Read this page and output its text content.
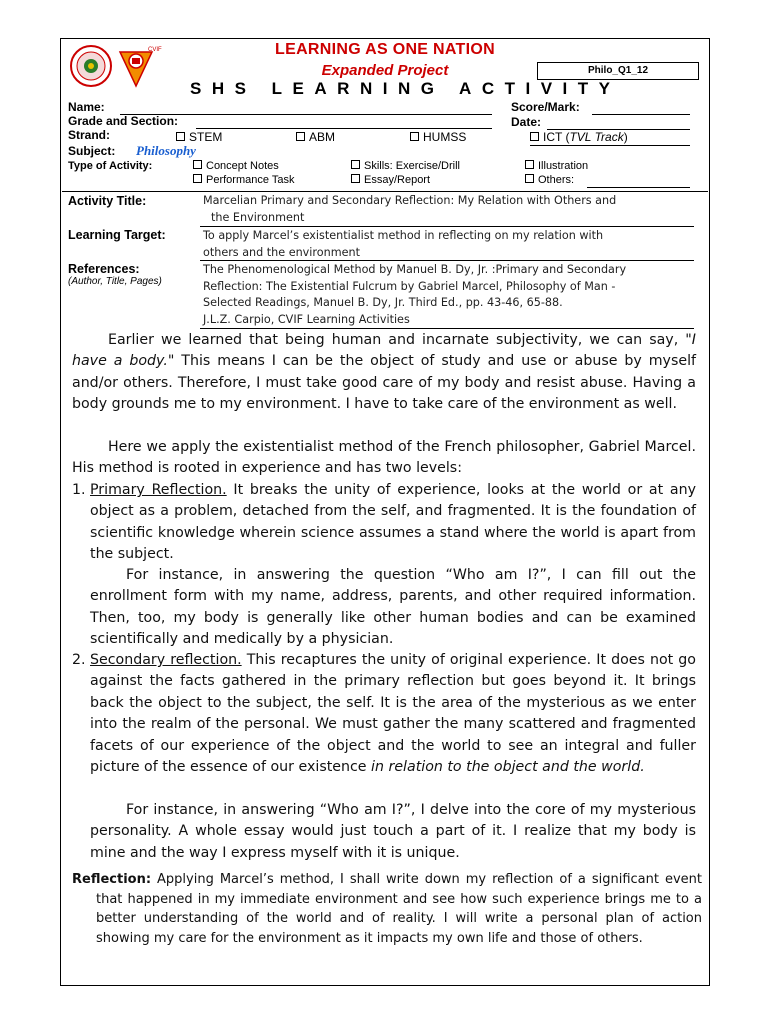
CVIF	LEARNING AS ONE NATION
Expanded Project	Philo_Q1_12
SHS LEARNING ACTIVITY
Name:	Score/Mark:
Grade and Section:	Date:
Strand:	STEM	ABM	HUMSS	ICT (TVL Track)
Subject: Philosophy
Type of Activity:	Concept Notes	Skills: Exercise/Drill	Illustration
Performance Task	Essay/Report	Others:
Activity Title:	Marcelian Primary and Secondary Reflection: My Relation with Others and
the Environment
Learning Target:	To apply Marcel’s existentialist method in reflecting on my relation with
others and the environment
References:
(Author, Title, Pages)
The Phenomenological Method by Manuel B. Dy, Jr. :Primary and Secondary
Reflection: The Existential Fulcrum by Gabriel Marcel, Philosophy of Man -
Selected Readings, Manuel B. Dy, Jr. Third Ed., pp. 43-46, 65-88.
J.L.Z. Carpio, CVIF Learning Activities
Earlier we learned that being human and incarnate subjectivity, we can say, "I have a body." This means I can be the object of study and use or abuse by myself and/or others. Therefore, I must take good care of my body and resist abuse. Having a body grounds me to my environment. I have to take care of the environment as well.
Here we apply the existentialist method of the French philosopher, Gabriel Marcel. His method is rooted in experience and has two levels:
1. Primary Reflection. It breaks the unity of experience, looks at the world or at any object as a problem, detached from the self, and fragmented. It is the foundation of scientific knowledge wherein science assumes a stand where the world is apart from the subject.
For instance, in answering the question “Who am I?”, I can fill out the enrollment form with my name, address, parents, and other required information. Then, too, my body is generally like other human bodies and can be examined scientifically and medically by a physician.
2. Secondary reflection. This recaptures the unity of original experience. It does not go against the facts gathered in the primary reflection but goes beyond it. It brings back the object to the subject, the self. It is the area of the mysterious as we enter into the realm of the personal. We must gather the many scattered and fragmented facets of our experience of the object and the world to see an integral and fuller picture of the essence of our existence in relation to the object and the world.
For instance, in answering “Who am I?”, I delve into the core of my mysterious personality. A whole essay would just touch a part of it. I realize that my body is mine and the way I express myself with it is unique.
Reflection: Applying Marcel’s method, I shall write down my reflection of a significant event that happened in my immediate environment and see how such experience brings me to a better understanding of the world and of reality. I will write a personal plan of action showing my care for the environment as it impacts my own life and those of others.
